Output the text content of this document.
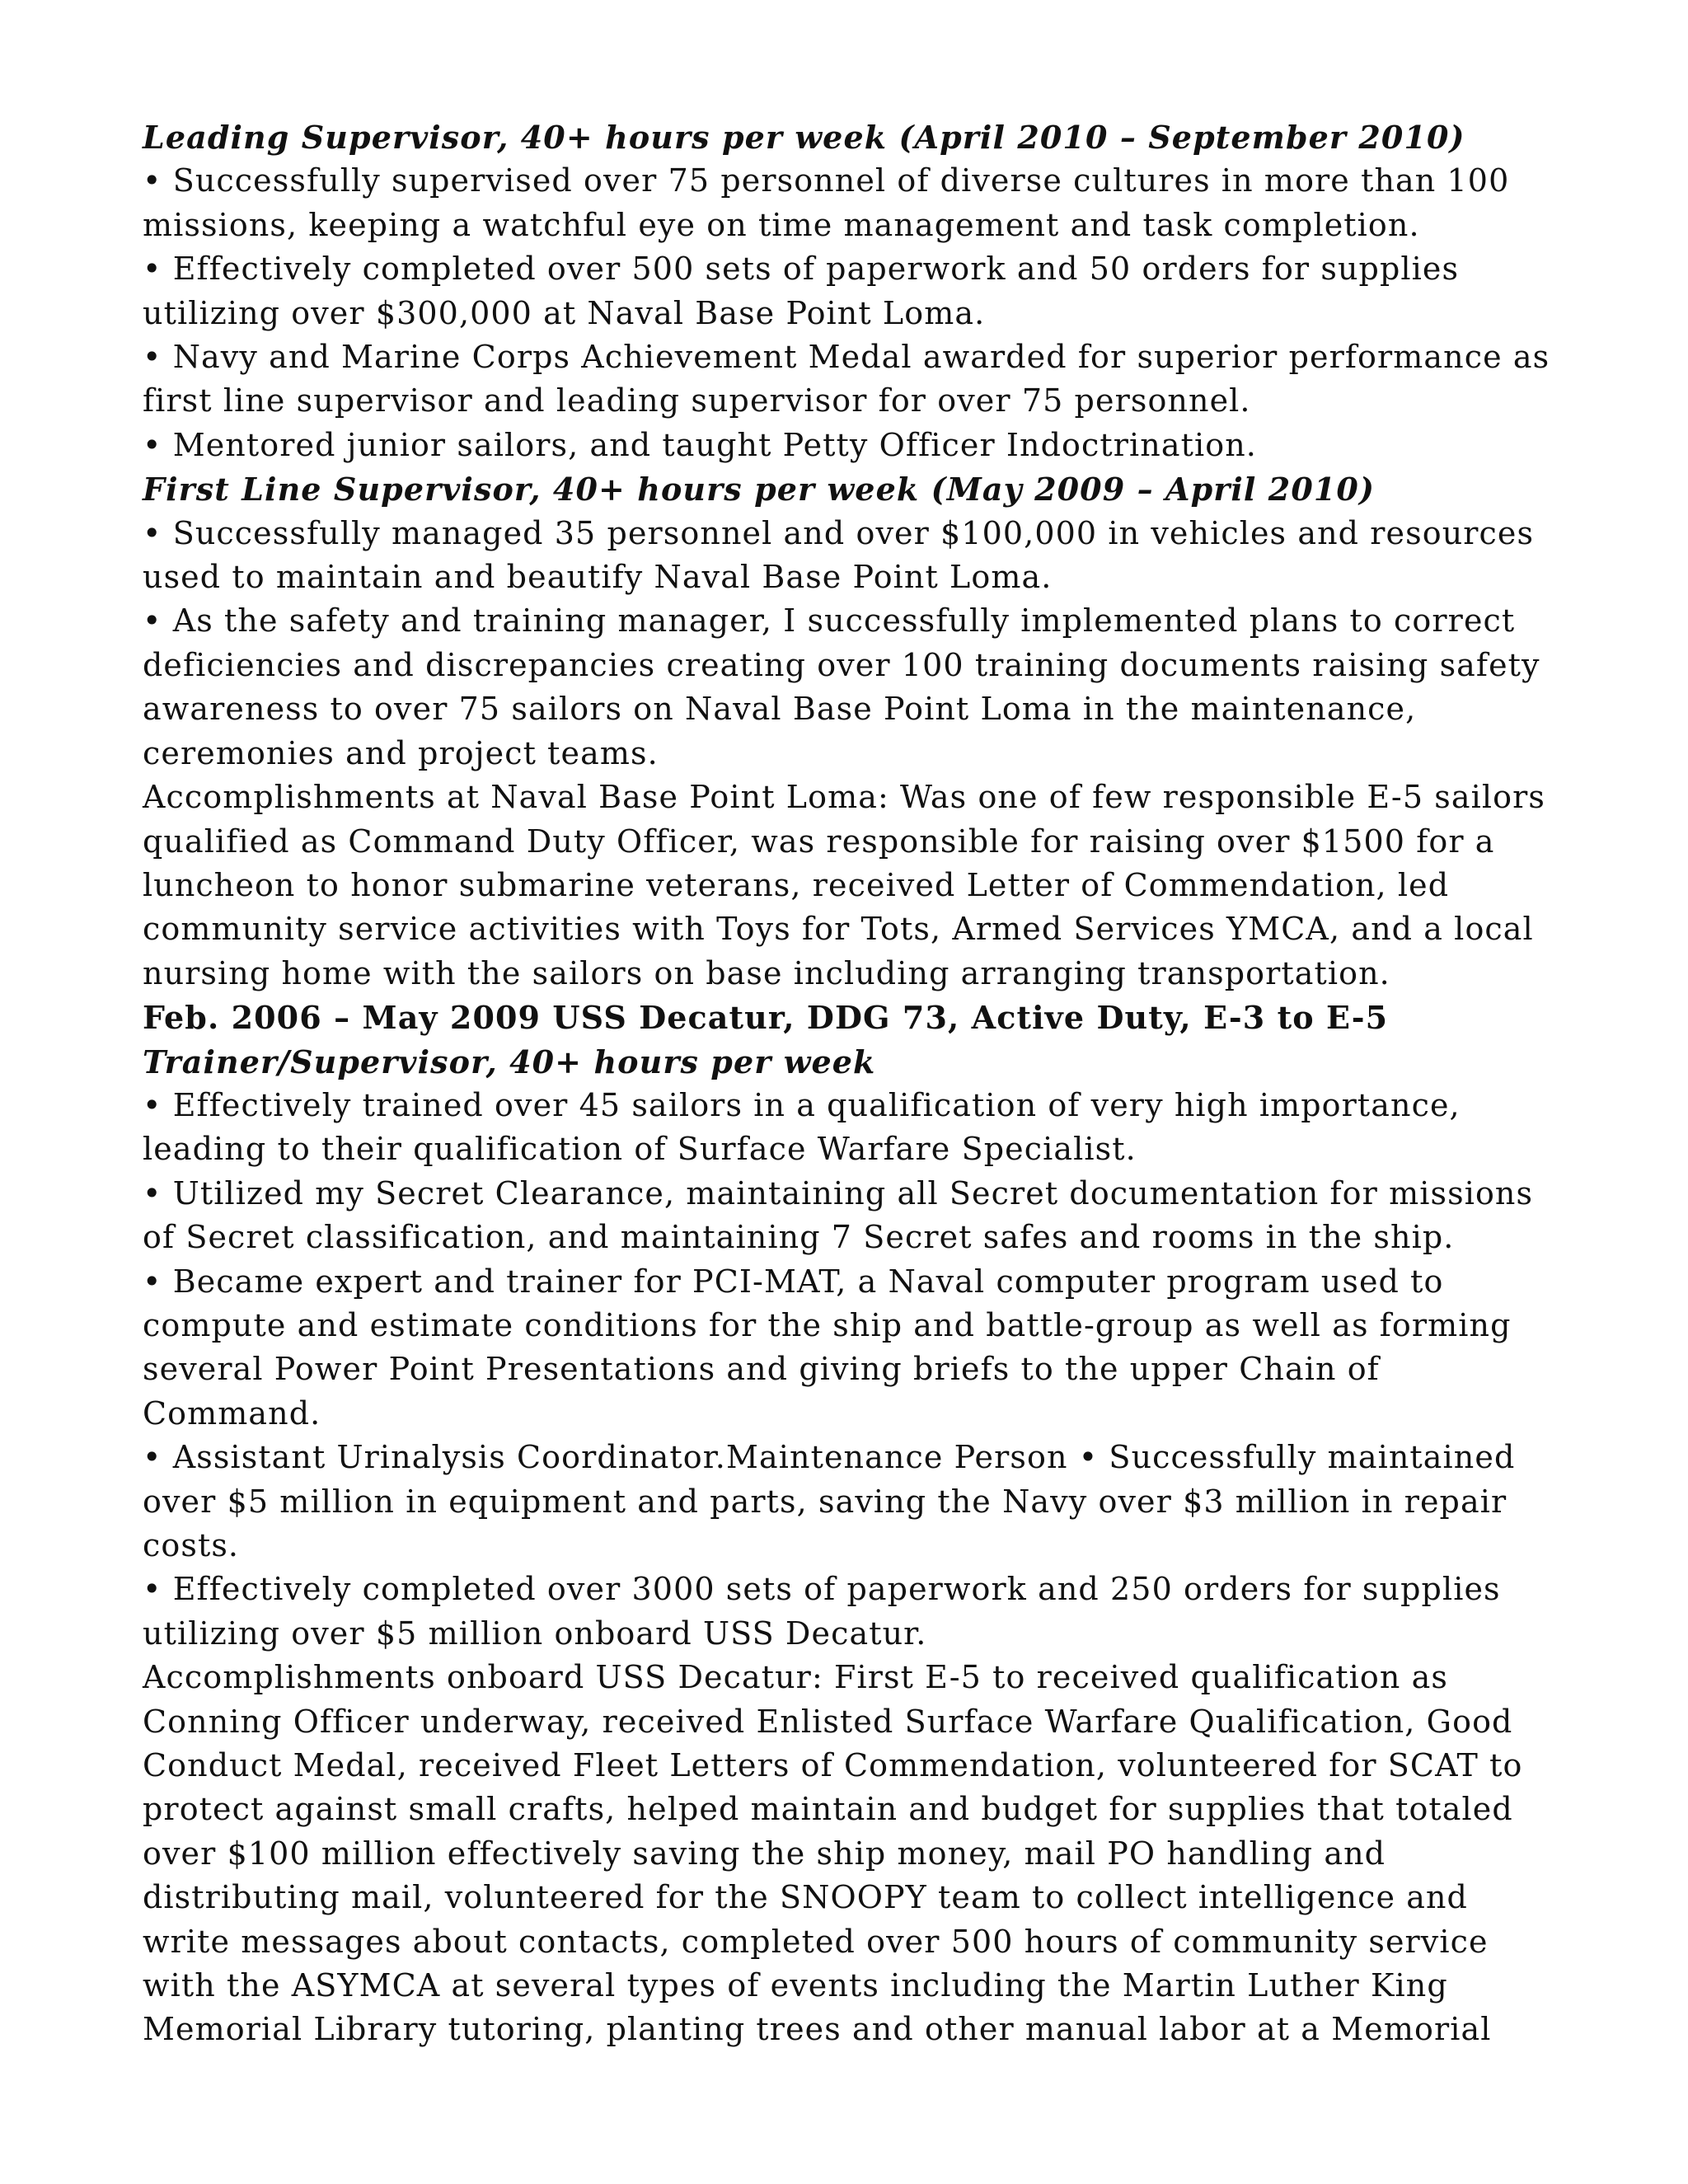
Leading Supervisor, 40+ hours per week (April 2010 – September 2010)
• Successfully supervised over 75 personnel of diverse cultures in more than 100
missions, keeping a watchful eye on time management and task completion.
• Effectively completed over 500 sets of paperwork and 50 orders for supplies
utilizing over $300,000 at Naval Base Point Loma.
• Navy and Marine Corps Achievement Medal awarded for superior performance as
first line supervisor and leading supervisor for over 75 personnel.
• Mentored junior sailors, and taught Petty Officer Indoctrination.
First Line Supervisor, 40+ hours per week (May 2009 – April 2010)
• Successfully managed 35 personnel and over $100,000 in vehicles and resources
used to maintain and beautify Naval Base Point Loma.
• As the safety and training manager, I successfully implemented plans to correct
deficiencies and discrepancies creating over 100 training documents raising safety
awareness to over 75 sailors on Naval Base Point Loma in the maintenance,
ceremonies and project teams.
Accomplishments at Naval Base Point Loma: Was one of few responsible E-5 sailors
qualified as Command Duty Officer, was responsible for raising over $1500 for a
luncheon to honor submarine veterans, received Letter of Commendation, led
community service activities with Toys for Tots, Armed Services YMCA, and a local
nursing home with the sailors on base including arranging transportation.
Feb. 2006 – May 2009 USS Decatur, DDG 73, Active Duty, E-3 to E-5
Trainer/Supervisor, 40+ hours per week
• Effectively trained over 45 sailors in a qualification of very high importance,
leading to their qualification of Surface Warfare Specialist.
• Utilized my Secret Clearance, maintaining all Secret documentation for missions
of Secret classification, and maintaining 7 Secret safes and rooms in the ship.
• Became expert and trainer for PCI-MAT, a Naval computer program used to
compute and estimate conditions for the ship and battle-group as well as forming
several Power Point Presentations and giving briefs to the upper Chain of
Command.
• Assistant Urinalysis Coordinator.Maintenance Person • Successfully maintained
over $5 million in equipment and parts, saving the Navy over $3 million in repair
costs.
• Effectively completed over 3000 sets of paperwork and 250 orders for supplies
utilizing over $5 million onboard USS Decatur.
Accomplishments onboard USS Decatur: First E-5 to received qualification as
Conning Officer underway, received Enlisted Surface Warfare Qualification, Good
Conduct Medal, received Fleet Letters of Commendation, volunteered for SCAT to
protect against small crafts, helped maintain and budget for supplies that totaled
over $100 million effectively saving the ship money, mail PO handling and
distributing mail, volunteered for the SNOOPY team to collect intelligence and
write messages about contacts, completed over 500 hours of community service
with the ASYMCA at several types of events including the Martin Luther King
Memorial Library tutoring, planting trees and other manual labor at a Memorial
